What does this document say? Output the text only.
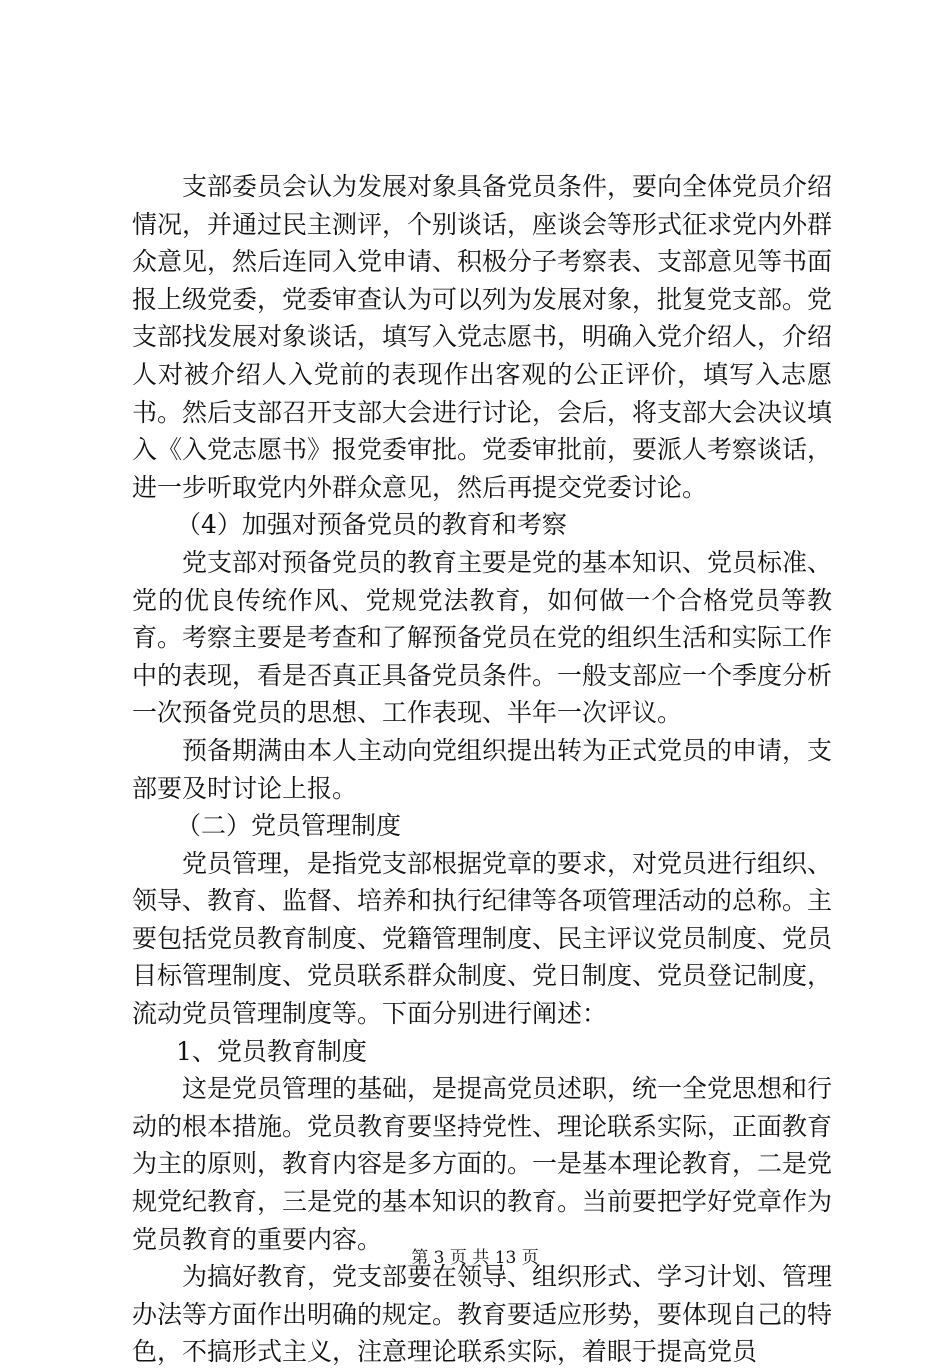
支部委员会认为发展对象具备党员条件，要向全体党员介绍情况，并通过民主测评，个别谈话，座谈会等形式征求党内外群众意见，然后连同入党申请、积极分子考察表、支部意见等书面报上级党委，党委审查认为可以列为发展对象，批复党支部。党支部找发展对象谈话，填写入党志愿书，明确入党介绍人，介绍人对被介绍人入党前的表现作出客观的公正评价，填写入志愿书。然后支部召开支部大会进行讨论，会后，将支部大会决议填入《入党志愿书》报党委审批。党委审批前，要派人考察谈话，进一步听取党内外群众意见，然后再提交党委讨论。

（4）加强对预备党员的教育和考察

党支部对预备党员的教育主要是党的基本知识、党员标准、党的优良传统作风、党规党法教育，如何做一个合格党员等教育。考察主要是考查和了解预备党员在党的组织生活和实际工作中的表现，看是否真正具备党员条件。一般支部应一个季度分析一次预备党员的思想、工作表现、半年一次评议。

预备期满由本人主动向党组织提出转为正式党员的申请，支部要及时讨论上报。

（二）党员管理制度

党员管理，是指党支部根据党章的要求，对党员进行组织、领导、教育、监督、培养和执行纪律等各项管理活动的总称。主要包括党员教育制度、党籍管理制度、民主评议党员制度、党员目标管理制度、党员联系群众制度、党日制度、党员登记制度，流动党员管理制度等。下面分别进行阐述：

1、党员教育制度

这是党员管理的基础，是提高党员述职，统一全党思想和行动的根本措施。党员教育要坚持党性、理论联系实际，正面教育为主的原则，教育内容是多方面的。一是基本理论教育，二是党规党纪教育，三是党的基本知识的教育。当前要把学好党章作为党员教育的重要内容。

为搞好教育，党支部要在领导、组织形式、学习计划、管理办法等方面作出明确的规定。教育要适应形势，要体现自己的特色，不搞形式主义，注意理论联系实际，着眼于提高党员

第 3 页 共 13 页
